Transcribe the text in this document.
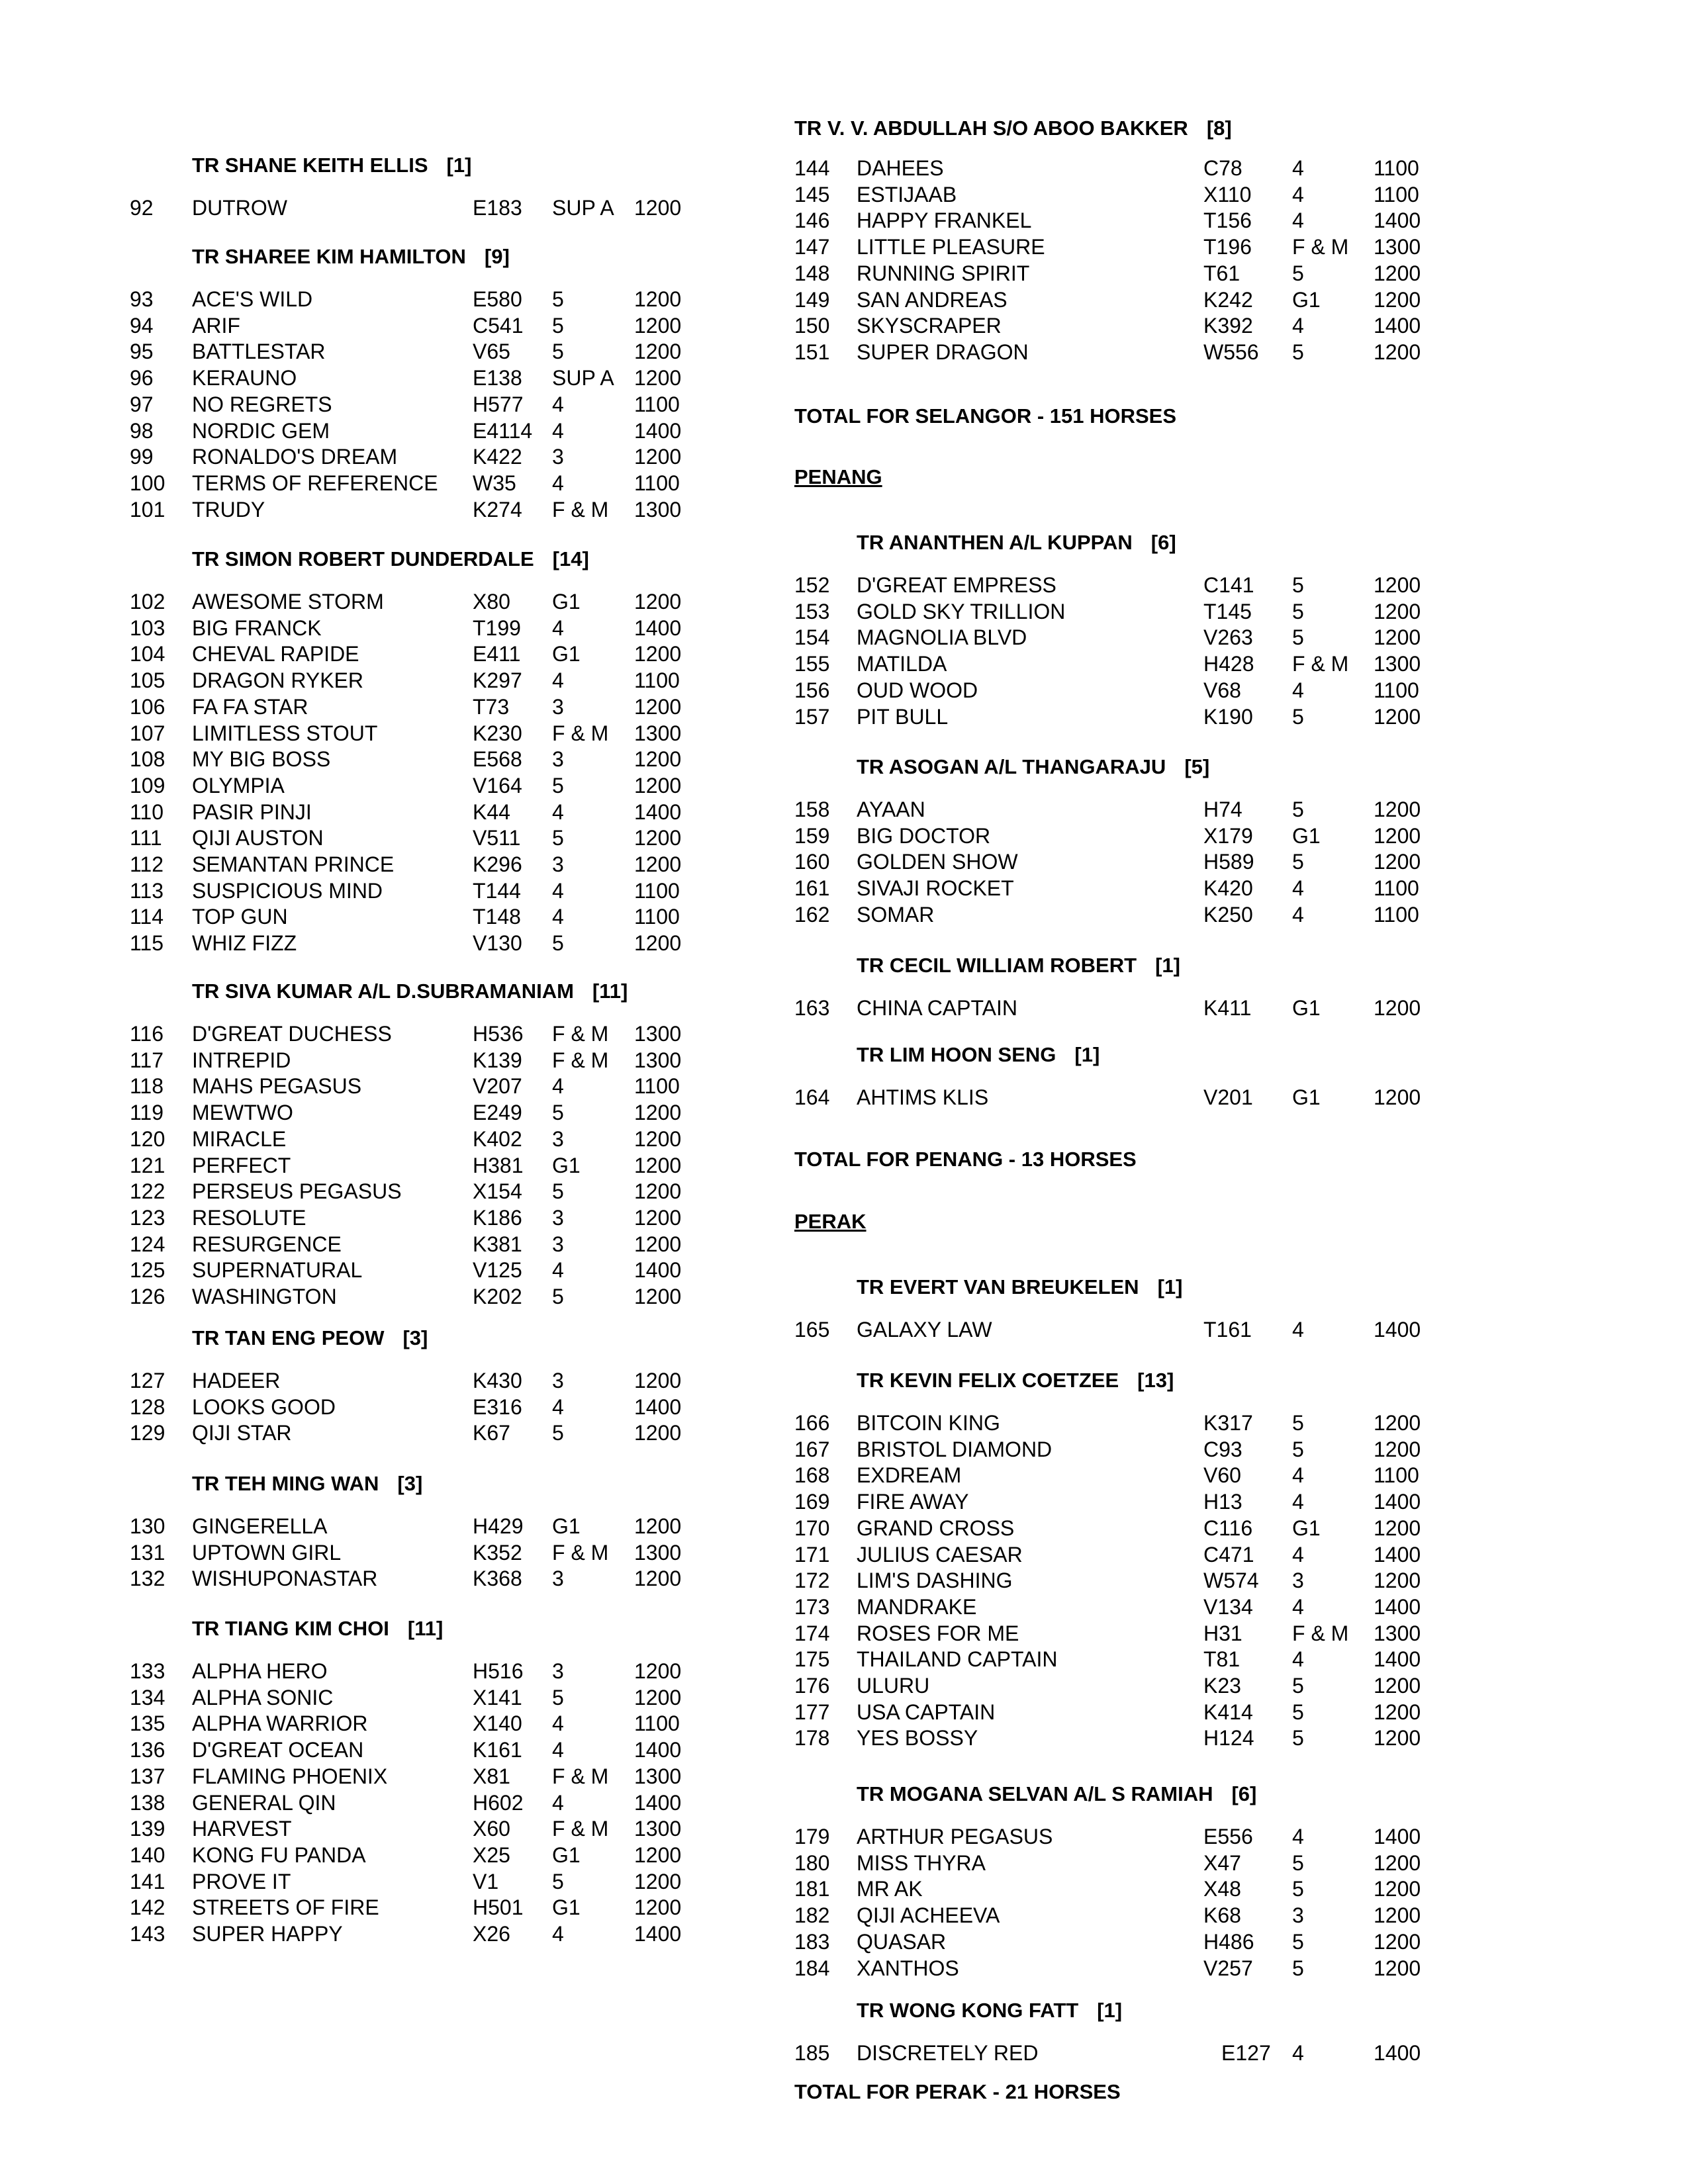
TR SHANE KEITH ELLIS [1]
92 DUTROW	E183 SUP A 1200
TR SHAREE KIM HAMILTON [9]
93 ACE'S WILD	E580 5	1200
94 ARIF	C541 5	1200
95 BATTLESTAR	V65 5	1200
96 KERAUNO	E138 SUP A 1200
97 NO REGRETS	H577 4	1100
98 NORDIC GEM	E4114 4	1400
99 RONALDO'S DREAM	K422 3	1200
100 TERMS OF REFERENCE W35 4	1100
101 TRUDY	K274 F & M 1300
TR SIMON ROBERT DUNDERDALE [14]
102 AWESOME STORM	X80 G1	1200
103 BIG FRANCK	T199 4	1400
104 CHEVAL RAPIDE	E411 G1	1200
105 DRAGON RYKER	K297 4	1100
106 FA FA STAR	T73 3	1200
107 LIMITLESS STOUT	K230 F & M 1300
108 MY BIG BOSS	E568 3	1200
109 OLYMPIA	V164 5	1200
110 PASIR PINJI	K44 4	1400
111 QIJI AUSTON	V511 5	1200
112 SEMANTAN PRINCE	K296 3	1200
113 SUSPICIOUS MIND	T144 4	1100
114 TOP GUN	T148 4	1100
115 WHIZ FIZZ	V130 5	1200
TR SIVA KUMAR A/L D.SUBRAMANIAM [11]
116 D'GREAT DUCHESS	H536 F & M 1300
117 INTREPID	K139 F & M 1300
118 MAHS PEGASUS	V207 4	1100
119 MEWTWO	E249 5	1200
120 MIRACLE	K402 3	1200
121 PERFECT	H381 G1	1200
122 PERSEUS PEGASUS	X154 5	1200
123 RESOLUTE	K186 3	1200
124 RESURGENCE	K381 3	1200
125 SUPERNATURAL	V125 4	1400
126 WASHINGTON	K202 5	1200
TR TAN ENG PEOW [3]
127 HADEER	K430 3	1200
128 LOOKS GOOD	E316 4	1400
129 QIJI STAR	K67 5	1200
TR TEH MING WAN [3]
130 GINGERELLA	H429 G1	1200
131 UPTOWN GIRL	K352 F & M 1300
132 WISHUPONASTAR	K368 3	1200
TR TIANG KIM CHOI [11]
133 ALPHA HERO	H516 3	1200
134 ALPHA SONIC	X141 5	1200
135 ALPHA WARRIOR	X140 4	1100
136 D'GREAT OCEAN	K161 4	1400
137 FLAMING PHOENIX	X81 F & M 1300
138 GENERAL QIN	H602 4	1400
139 HARVEST	X60 F & M 1300
140 KONG FU PANDA	X25 G1	1200
141 PROVE IT	V1	5	1200
142 STREETS OF FIRE	H501 G1	1200
143 SUPER HAPPY	X26 4	1400
TR V. V. ABDULLAH S/O ABOO BAKKER [8]
144 DAHEES	C78 4	1100
145 ESTIJAAB	X110 4	1100
146 HAPPY FRANKEL	T156 4	1400
147 LITTLE PLEASURE	T196 F & M 1300
148 RUNNING SPIRIT	T61 5	1200
149 SAN ANDREAS	K242 G1	1200
150 SKYSCRAPER	K392 4	1400
151 SUPER DRAGON	W556 5	1200
TOTAL FOR SELANGOR - 151 HORSES
PENANG
TR ANANTHEN A/L KUPPAN [6]
152 D'GREAT EMPRESS	C141 5	1200
153 GOLD SKY TRILLION	T145 5	1200
154 MAGNOLIA BLVD	V263 5	1200
155 MATILDA	H428 F & M 1300
156 OUD WOOD	V68 4	1100
157 PIT BULL	K190 5	1200
TR ASOGAN A/L THANGARAJU [5]
158 AYAAN	H74 5	1200
159 BIG DOCTOR	X179 G1	1200
160 GOLDEN SHOW	H589 5	1200
161 SIVAJI ROCKET	K420 4	1100
162 SOMAR	K250 4	1100
TR CECIL WILLIAM ROBERT [1]
163 CHINA CAPTAIN	K411 G1	1200
TR LIM HOON SENG [1]
164 AHTIMS KLIS	V201 G1	1200
TOTAL FOR PENANG - 13 HORSES
PERAK
TR EVERT VAN BREUKELEN [1]
165 GALAXY LAW	T161 4	1400
TR KEVIN FELIX COETZEE [13]
166 BITCOIN KING	K317 5	1200
167 BRISTOL DIAMOND	C93 5	1200
168 EXDREAM	V60 4	1100
169 FIRE AWAY	H13 4	1400
170 GRAND CROSS	C116 G1	1200
171 JULIUS CAESAR	C471 4	1400
172 LIM'S DASHING	W574 3	1200
173 MANDRAKE	V134 4	1400
174 ROSES FOR ME	H31 F & M 1300
175 THAILAND CAPTAIN	T81 4	1400
176 ULURU	K23 5	1200
177 USA CAPTAIN	K414 5	1200
178 YES BOSSY	H124 5	1200
TR MOGANA SELVAN A/L S RAMIAH [6]
179 ARTHUR PEGASUS	E556 4	1400
180 MISS THYRA	X47 5	1200
181 MR AK	X48 5	1200
182 QIJI ACHEEVA	K68 3	1200
183 QUASAR	H486 5	1200
184 XANTHOS	V257 5	1200
TR WONG KONG FATT [1]
185 DISCRETELY RED	E127 4	1400
TOTAL FOR PERAK - 21 HORSES
